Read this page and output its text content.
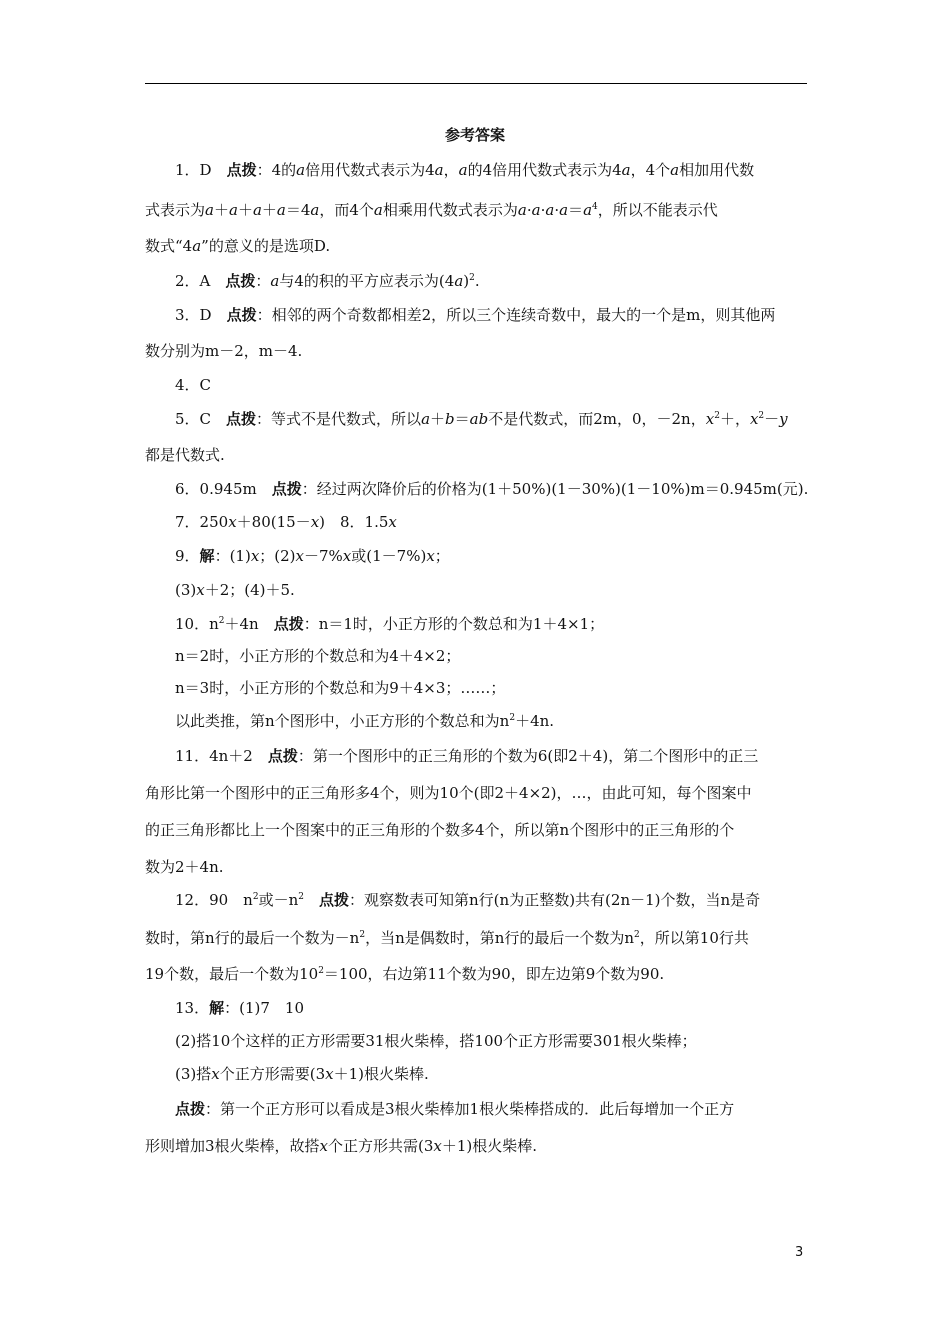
参考答案
1．D　点拨：4的a倍用代数式表示为4a，a的4倍用代数式表示为4a，4个a相加用代数
式表示为a＋a＋a＋a＝4a，而4个a相乘用代数式表示为$a\cdot a\cdot a\cdot a=a^4$，所以不能表示代
数式“4a”的意义的是选项D.
2．A　点拨：a与4的积的平方应表示为$(4a)^2$.
3．D　点拨：相邻的两个奇数都相差2，所以三个连续奇数中，最大的一个是m，则其他两
数分别为m－2，m－4.
4．C
5．C　点拨：等式不是代数式，所以a＋b＝ab不是代数式，而2m，0，－2n，$x^2+$，$x^2-y$
都是代数式.
6．0.945m　点拨：经过两次降价后的价格为(1＋50%)(1－30%)(1－10%)m＝0.945m(元).
7．250x＋80(15－x)　8．1.5x
9．解：(1)x；(2)x－7%x或(1－7%)x；
(3)x＋2；(4)＋5.
10．$n^2+4n$　点拨：n＝1时，小正方形的个数总和为1＋4×1；
n＝2时，小正方形的个数总和为4＋4×2；
n＝3时，小正方形的个数总和为9＋4×3；……；
以此类推，第n个图形中，小正方形的个数总和为$n^2+4n$.
11．4n＋2　点拨：第一个图形中的正三角形的个数为6(即2＋4)，第二个图形中的正三
角形比第一个图形中的正三角形多4个，则为10个(即2＋4×2)，…，由此可知，每个图案中
的正三角形都比上一个图案中的正三角形的个数多4个，所以第n个图形中的正三角形的个
数为2＋4n.
12．90　$n^2$或$-n^2$　 点拨：观察数表可知第n行(n为正整数)共有(2n－1)个数，当n是奇
数时，第n行的最后一个数为$-n^2$，当n是偶数时，第n行的最后一个数为$n^2$，所以第10行共
19个数，最后一个数为$10^2=100$，右边第11个数为90，即左边第9个数为90.
13．解：(1)7　10
(2)搭10个这样的正方形需要31根火柴棒，搭100个正方形需要301根火柴棒；
(3)搭x个正方形需要(3x＋1)根火柴棒.
点拨：第一个正方形可以看成是3根火柴棒加1根火柴棒搭成的．此后每增加一个正方
形则增加3根火柴棒，故搭x个正方形共需(3x＋1)根火柴棒.
3
